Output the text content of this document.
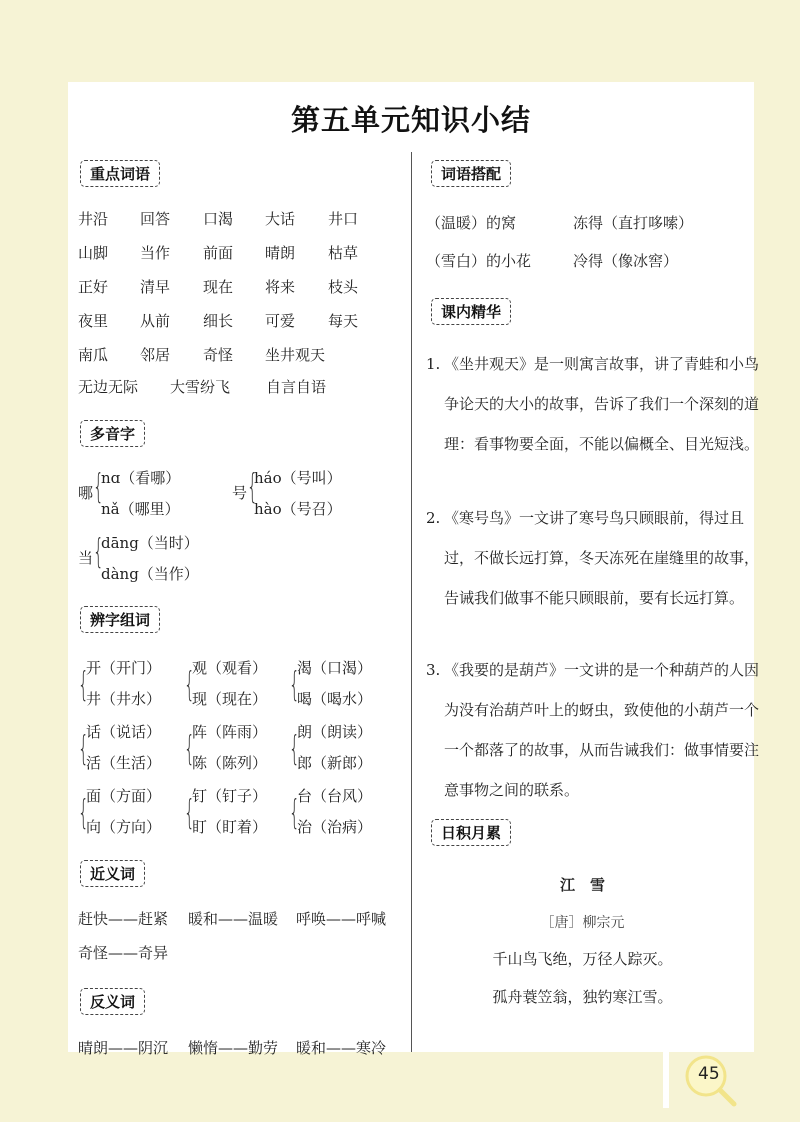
第五单元知识小结
重点词语
井沿 回答 口渴 大话 井口
山脚 当作 前面 晴朗 枯草
正好 清早 现在 将来 枝头
夜里 从前 细长 可爱 每天
南瓜 邻居 奇怪 坐井观天
无边无际 大雪纷飞 自言自语
多音字
哪 {
nɑ（看哪）
nǎ（哪里）
号 {
háo（号叫）
hào（号召）
当 {
dāng（当时）
dàng（当作）
辨字组词
{
开（开门）
井（井水） {
观（观看）
现（现在） {
渴（口渴）
喝（喝水）
{
话（说话）
活（生活） {
阵（阵雨）
陈（陈列） {
朗（朗读）
郎（新郎）
{
面（方面）
向（方向） {
钉（钉子）
盯（盯着） {
台（台风）
治（治病）
近义词
赶快——赶紧 暖和——温暖 呼唤——呼喊
奇怪——奇异
反义词
晴朗——阴沉 懒惰——勤劳 暖和——寒冷
词语搭配
（温暖）的窝	冻得（直打哆嗦）
（雪白）的小花	冷得（像冰窖）
课内精华
1. 《坐井观天》是一则寓言故事，讲了青蛙和小鸟争论天的大小的故事，告诉了我们一个深刻的道理：看事物要全面，不能以偏概全、目光短浅。
2. 《寒号鸟》一文讲了寒号鸟只顾眼前，得过且过，不做长远打算，冬天冻死在崖缝里的故事，告诫我们做事不能只顾眼前，要有长远打算。
3. 《我要的是葫芦》一文讲的是一个种葫芦的人因为没有治葫芦叶上的蚜虫，致使他的小葫芦一个一个都落了的故事，从而告诫我们：做事情要注意事物之间的联系。
日积月累
江　雪
［唐］柳宗元
千山鸟飞绝，万径人踪灭。
孤舟蓑笠翁，独钓寒江雪。
45
